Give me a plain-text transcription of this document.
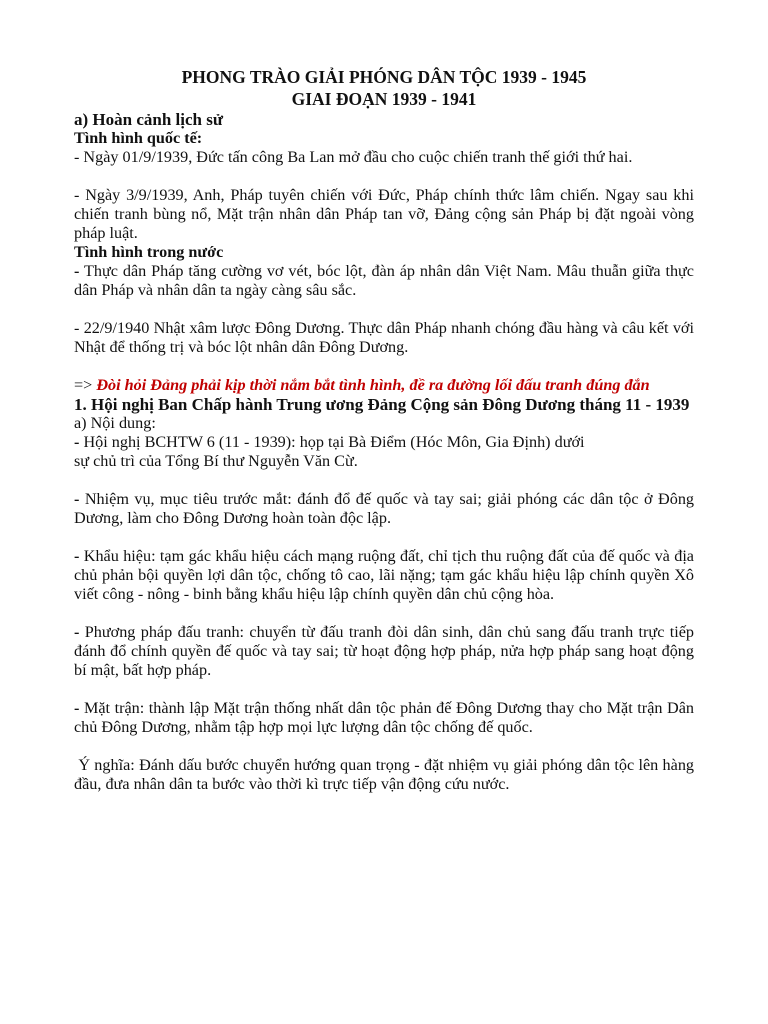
PHONG TRÀO GIẢI PHÓNG DÂN TỘC 1939 - 1945
GIAI ĐOẠN 1939 - 1941

a) Hoàn cảnh lịch sử

Tình hình quốc tế:

- Ngày 01/9/1939, Đức tấn công Ba Lan mở đầu cho cuộc chiến tranh thế giới thứ hai.

- Ngày 3/9/1939, Anh, Pháp tuyên chiến với Đức, Pháp chính thức lâm chiến. Ngay sau khi chiến tranh bùng nổ, Mặt trận nhân dân Pháp tan vỡ, Đảng cộng sản Pháp bị đặt ngoài vòng pháp luật.

Tình hình trong nước

- Thực dân Pháp tăng cường vơ vét, bóc lột, đàn áp nhân dân Việt Nam. Mâu thuẫn giữa thực dân Pháp và nhân dân ta ngày càng sâu sắc.

- 22/9/1940 Nhật xâm lược Đông Dương. Thực dân Pháp nhanh chóng đầu hàng và câu kết với Nhật để thống trị và bóc lột nhân dân Đông Dương.

=> Đòi hỏi Đảng phải kịp thời nắm bắt tình hình, đề ra đường lối đấu tranh đúng đắn

1. Hội nghị Ban Chấp hành Trung ương Đảng Cộng sản Đông Dương tháng 11 - 1939

a) Nội dung:

- Hội nghị BCHTW 6 (11 - 1939): họp tại Bà Điểm (Hóc Môn, Gia Định) dưới
sự chủ trì của Tổng Bí thư Nguyễn Văn Cừ.

- Nhiệm vụ, mục tiêu trước mắt: đánh đổ đế quốc và tay sai; giải phóng các dân tộc ở Đông Dương, làm cho Đông Dương hoàn toàn độc lập.

- Khẩu hiệu: tạm gác khẩu hiệu cách mạng ruộng đất, chỉ tịch thu ruộng đất của đế quốc và địa chủ phản bội quyền lợi dân tộc, chống tô cao, lãi nặng; tạm gác khẩu hiệu lập chính quyền Xô viết công - nông - binh bằng khẩu hiệu lập chính quyền dân chủ cộng hòa.

- Phương pháp đấu tranh: chuyển từ đấu tranh đòi dân sinh, dân chủ sang đấu tranh trực tiếp đánh đổ chính quyền đế quốc và tay sai; từ hoạt động hợp pháp, nửa hợp pháp sang hoạt động bí mật, bất hợp pháp.

- Mặt trận: thành lập Mặt trận thống nhất dân tộc phản đế Đông Dương thay cho Mặt trận Dân chủ Đông Dương, nhằm tập hợp mọi lực lượng dân tộc chống đế quốc.

Ý nghĩa: Đánh dấu bước chuyển hướng quan trọng - đặt nhiệm vụ giải phóng dân tộc lên hàng đầu, đưa nhân dân ta bước vào thời kì trực tiếp vận động cứu nước.
